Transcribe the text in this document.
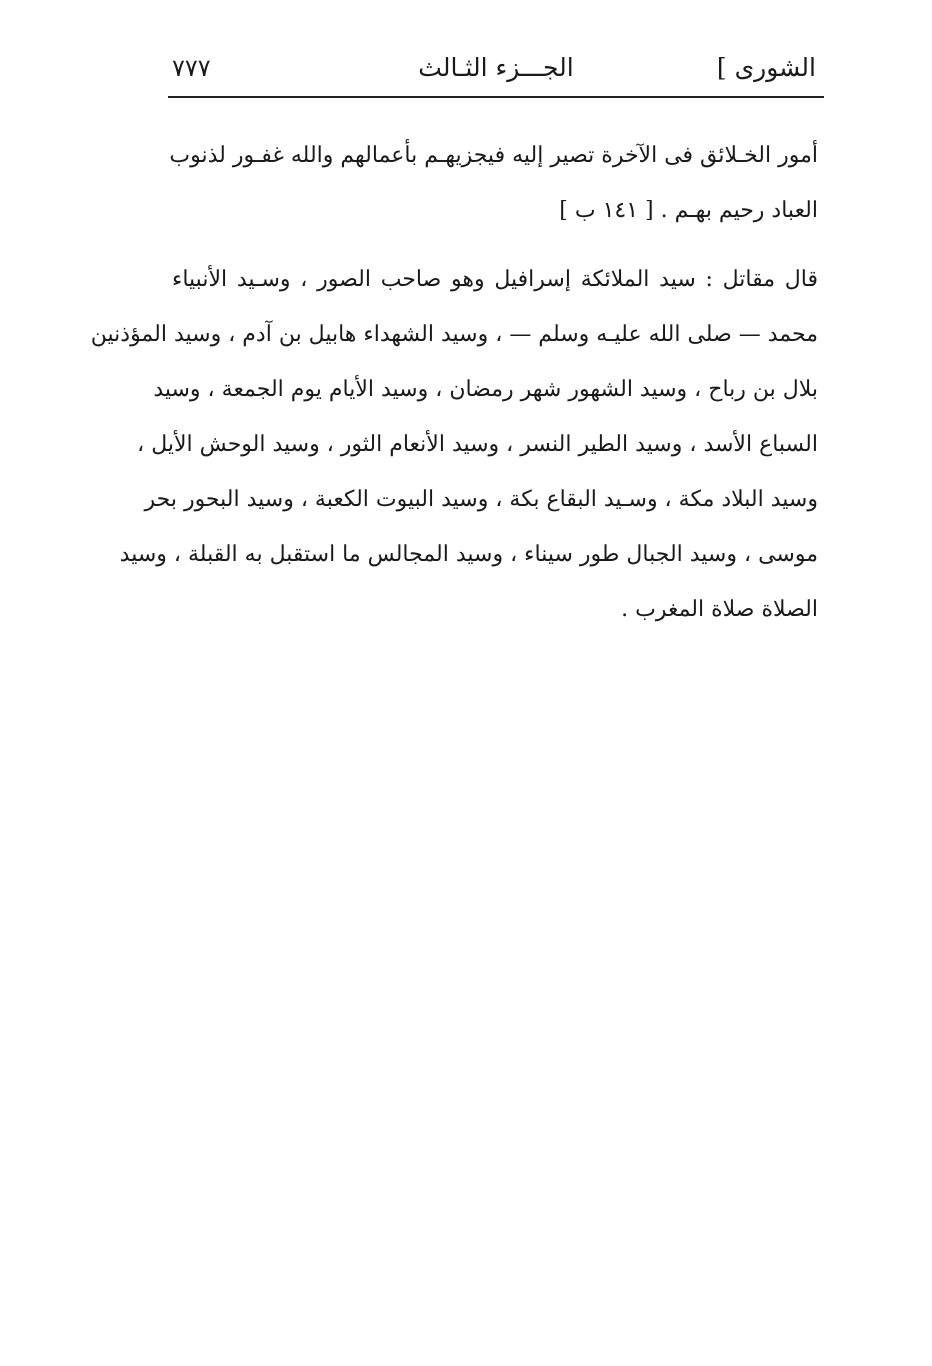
الشورى ]
الجـــزء الثـالث
٧٧٧
أمور الخـلائق فى الآخرة تصير إليه فيجزيهـم بأعمالهم والله غفـور لذنوب
العباد رحيم بهـم . [ ١٤١ ب ]
قال مقاتل : سيد الملائكة إسرافيل وهو صاحب الصور ، وسـيد الأنبياء
محمد — صلى الله عليـه وسلم — ، وسيد الشهداء هابيل بن آدم ، وسيد المؤذنين
بلال بن رباح ، وسيد الشهور شهر رمضان ، وسيد الأيام يوم الجمعة ، وسيد
السباع الأسد ، وسيد الطير النسر ، وسيد الأنعام الثور ، وسيد الوحش الأيل ،
وسيد البلاد مكة ، وسـيد البقاع بكة ، وسيد البيوت الكعبة ، وسيد البحور بحر
موسى ، وسيد الجبال طور سيناء ، وسيد المجالس ما استقبل به القبلة ، وسيد
الصلاة صلاة المغرب .
